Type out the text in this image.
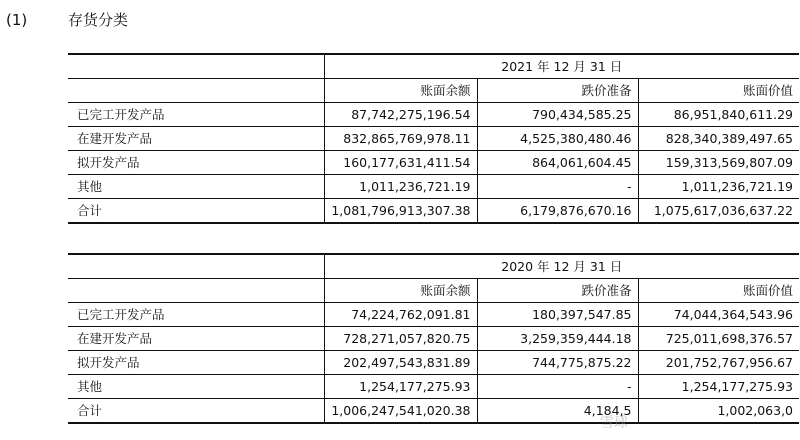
(1)	存货分类
	2021 年 12 月 31 日		
	账面余额	跌价准备	账面价值
已完工开发产品	87,742,275,196.54	790,434,585.25	86,951,840,611.29
在建开发产品	832,865,769,978.11	4,525,380,480.46	828,340,389,497.65
拟开发产品	160,177,631,411.54	864,061,604.45	159,313,569,807.09
其他	1,011,236,721.19	-	1,011,236,721.19
合计	1,081,796,913,307.38	6,179,876,670.16	1,075,617,036,637.22
	2020 年 12 月 31 日		
	账面余额	跌价准备	账面价值
已完工开发产品	74,224,762,091.81	180,397,547.85	74,044,364,543.96
在建开发产品	728,271,057,820.75	3,259,359,444.18	725,011,698,376.57
拟开发产品	202,497,543,831.89	744,775,875.22	201,752,767,956.67
其他	1,254,177,275.93	-	1,254,177,275.93
合计	1,006,247,541,020.38	4,184,5	1,002,063,0
雪球
